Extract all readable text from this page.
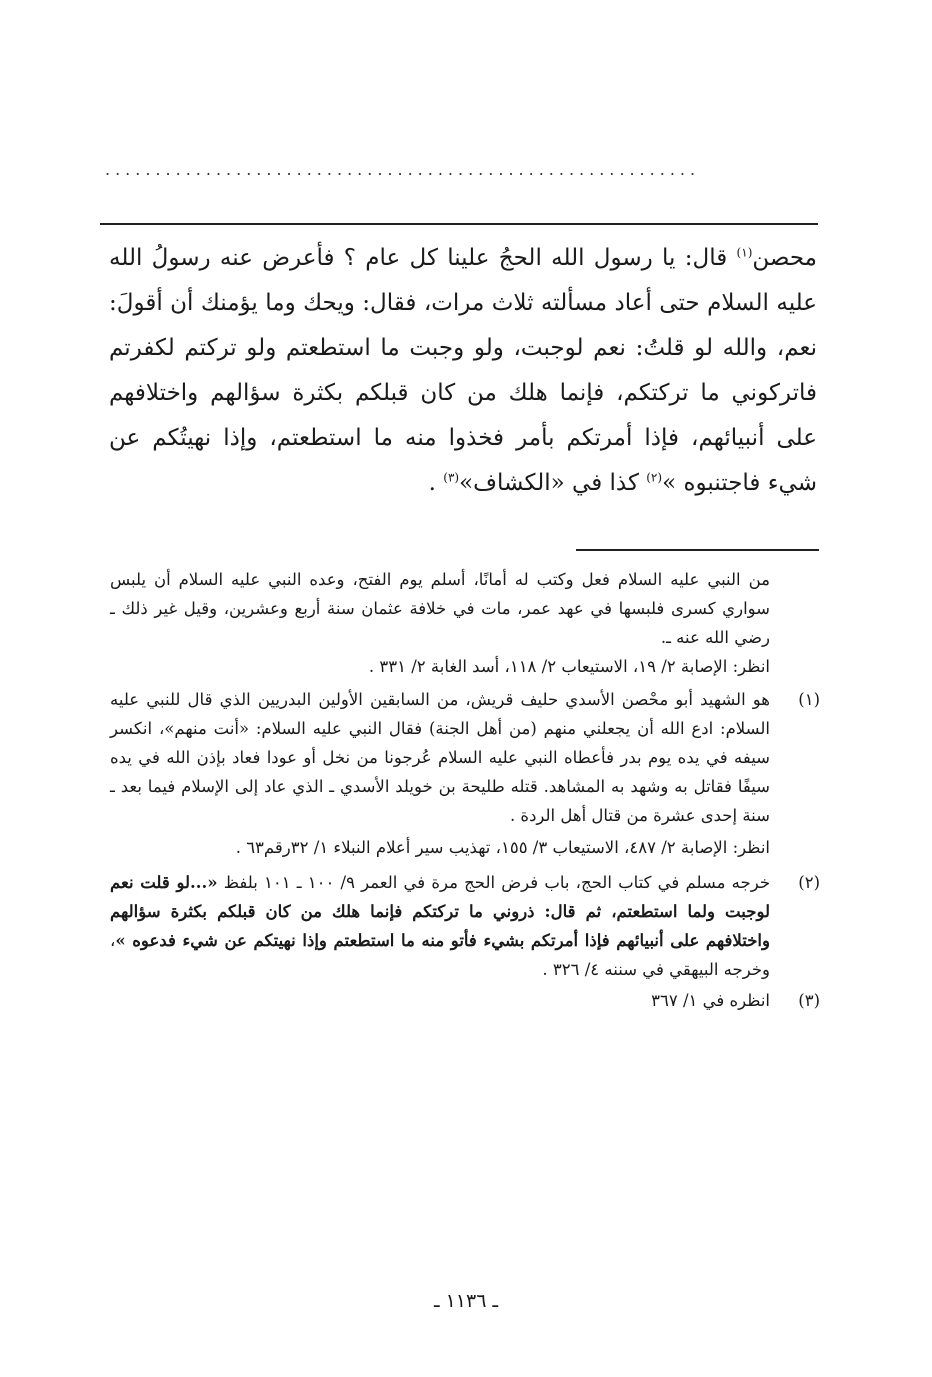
...........................................................

محصن$^{(١)}$ قال: يا رسول الله الحجُ علينا كل عام ؟ فأعرض عنه رسولُ الله عليه السلام حتى أعاد مسألته ثلاث مرات، فقال: ويحك وما يؤمنك أن أقولَ: نعم، والله لو قلتُ: نعم لوجبت، ولو وجبت ما استطعتم ولو تركتم لكفرتم فاتركوني ما تركتكم، فإنما هلك من كان قبلكم بكثرة سؤالهم واختلافهم على أنبيائهم، فإذا أمرتكم بأمر فخذوا منه ما استطعتم، وإذا نهيتُكم عن شيء فاجتنبوه »$^{(٢)}$ كذا في «الكشاف»$^{(٣)}$ .

من النبي عليه السلام فعل وكتب له أمانًا، أسلم يوم الفتح، وعده النبي عليه السلام أن يلبس سواري كسرى فلبسها في عهد عمر، مات في خلافة عثمان سنة أربع وعشرين، وقيل غير ذلك ـ رضي الله عنه ـ.
انظر: الإصابة ٢/ ١٩، الاستيعاب ٢/ ١١٨، أسد الغابة ٢/ ٣٣١ .
(١)
هو الشهيد أبو محْصن الأسدي حليف قريش، من السابقين الأولين البدريين الذي قال للنبي عليه السلام: ادع الله أن يجعلني منهم (من أهل الجنة) فقال النبي عليه السلام: «أنت منهم»، انكسر سيفه في يده يوم بدر فأعطاه النبي عليه السلام عُرجونا من نخل أو عودا فعاد بإذن الله في يده سيفًا فقاتل به وشهد به المشاهد. قتله طليحة بن خويلد الأسدي ـ الذي عاد إلى الإسلام فيما بعد ـ سنة إحدى عشرة من قتال أهل الردة .
انظر: الإصابة ٢/ ٤٨٧، الاستيعاب ٣/ ١٥٥، تهذيب سير أعلام النبلاء ١/ ٣٢رقم٦٣ .
(٢)
خرجه مسلم في كتاب الحج، باب فرض الحج مرة في العمر ٩/ ١٠٠ ـ ١٠١ بلفظ «...لو قلت نعم لوجبت ولما استطعتم، ثم قال: ذروني ما تركتكم فإنما هلك من كان قبلكم بكثرة سؤالهم واختلافهم على أنبيائهم فإذا أمرتكم بشيء فأتو منه ما استطعتم وإذا نهيتكم عن شيء فدعوه »، وخرجه البيهقي في سننه ٤/ ٣٢٦ .
(٣)
انظره في ١/ ٣٦٧
ـ ١١٣٦ ـ
